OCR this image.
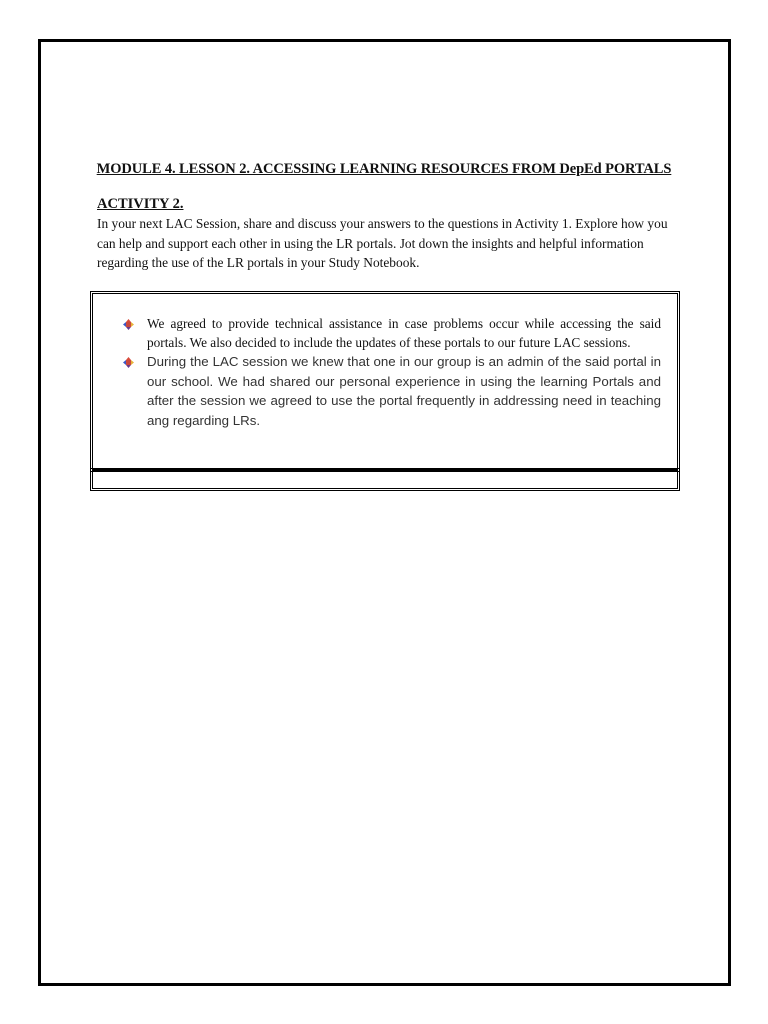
MODULE 4. LESSON 2. ACCESSING LEARNING RESOURCES FROM DepEd PORTALS
ACTIVITY 2.
In your next LAC Session, share and discuss your answers to the questions in Activity 1. Explore how you can help and support each other in using the LR portals. Jot down the insights and helpful information regarding the use of the LR portals in your Study Notebook.
We agreed to provide technical assistance in case problems occur while accessing the said portals. We also decided to include the updates of these portals to our future LAC sessions.
During the LAC session we knew that one in our group is an admin of the said portal in our school. We had shared our personal experience in using the learning Portals and after the session we agreed to use the portal frequently in addressing need in teaching ang regarding LRs.
